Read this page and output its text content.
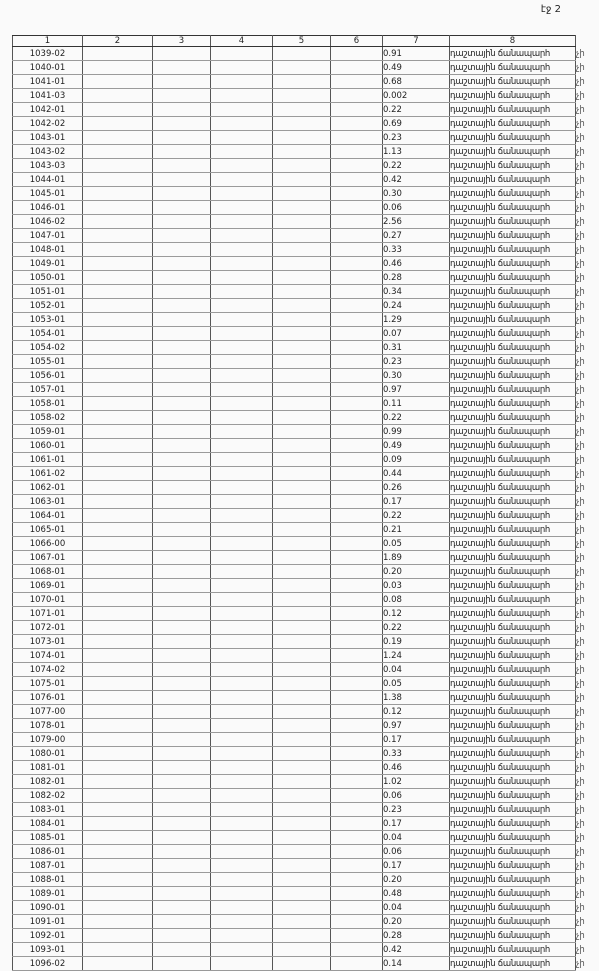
էջ 2
1	2	3	4	5	6	7	8	
1039-02						0.91	դաշտային ճանապարհ	չի
1040-01						0.49	դաշտային ճանապարհ	չի
1041-01						0.68	դաշտային ճանապարհ	չի
1041-03						0.002	դաշտային ճանապարհ	չի
1042-01						0.22	դաշտային ճանապարհ	չի
1042-02						0.69	դաշտային ճանապարհ	չի
1043-01						0.23	դաշտային ճանապարհ	չի
1043-02						1.13	դաշտային ճանապարհ	չի
1043-03						0.22	դաշտային ճանապարհ	չի
1044-01						0.42	դաշտային ճանապարհ	չի
1045-01						0.30	դաշտային ճանապարհ	չի
1046-01						0.06	դաշտային ճանապարհ	չի
1046-02						2.56	դաշտային ճանապարհ	չի
1047-01						0.27	դաշտային ճանապարհ	չի
1048-01						0.33	դաշտային ճանապարհ	չի
1049-01						0.46	դաշտային ճանապարհ	չի
1050-01						0.28	դաշտային ճանապարհ	չի
1051-01						0.34	դաշտային ճանապարհ	չի
1052-01						0.24	դաշտային ճանապարհ	չի
1053-01						1.29	դաշտային ճանապարհ	չի
1054-01						0.07	դաշտային ճանապարհ	չի
1054-02						0.31	դաշտային ճանապարհ	չի
1055-01						0.23	դաշտային ճանապարհ	չի
1056-01						0.30	դաշտային ճանապարհ	չի
1057-01						0.97	դաշտային ճանապարհ	չի
1058-01						0.11	դաշտային ճանապարհ	չի
1058-02						0.22	դաշտային ճանապարհ	չի
1059-01						0.99	դաշտային ճանապարհ	չի
1060-01						0.49	դաշտային ճանապարհ	չի
1061-01						0.09	դաշտային ճանապարհ	չի
1061-02						0.44	դաշտային ճանապարհ	չի
1062-01						0.26	դաշտային ճանապարհ	չի
1063-01						0.17	դաշտային ճանապարհ	չի
1064-01						0.22	դաշտային ճանապարհ	չի
1065-01						0.21	դաշտային ճանապարհ	չի
1066-00						0.05	դաշտային ճանապարհ	չի
1067-01						1.89	դաշտային ճանապարհ	չի
1068-01						0.20	դաշտային ճանապարհ	չի
1069-01						0.03	դաշտային ճանապարհ	չի
1070-01						0.08	դաշտային ճանապարհ	չի
1071-01						0.12	դաշտային ճանապարհ	չի
1072-01						0.22	դաշտային ճանապարհ	չի
1073-01						0.19	դաշտային ճանապարհ	չի
1074-01						1.24	դաշտային ճանապարհ	չի
1074-02						0.04	դաշտային ճանապարհ	չի
1075-01						0.05	դաշտային ճանապարհ	չի
1076-01						1.38	դաշտային ճանապարհ	չի
1077-00						0.12	դաշտային ճանապարհ	չի
1078-01						0.97	դաշտային ճանապարհ	չի
1079-00						0.17	դաշտային ճանապարհ	չի
1080-01						0.33	դաշտային ճանապարհ	չի
1081-01						0.46	դաշտային ճանապարհ	չի
1082-01						1.02	դաշտային ճանապարհ	չի
1082-02						0.06	դաշտային ճանապարհ	չի
1083-01						0.23	դաշտային ճանապարհ	չի
1084-01						0.17	դաշտային ճանապարհ	չի
1085-01						0.04	դաշտային ճանապարհ	չի
1086-01						0.06	դաշտային ճանապարհ	չի
1087-01						0.17	դաշտային ճանապարհ	չի
1088-01						0.20	դաշտային ճանապարհ	չի
1089-01						0.48	դաշտային ճանապարհ	չի
1090-01						0.04	դաշտային ճանապարհ	չի
1091-01						0.20	դաշտային ճանապարհ	չի
1092-01						0.28	դաշտային ճանապարհ	չի
1093-01						0.42	դաշտային ճանապարհ	չի
1096-02						0.14	դաշտային ճանապարհ	չի
